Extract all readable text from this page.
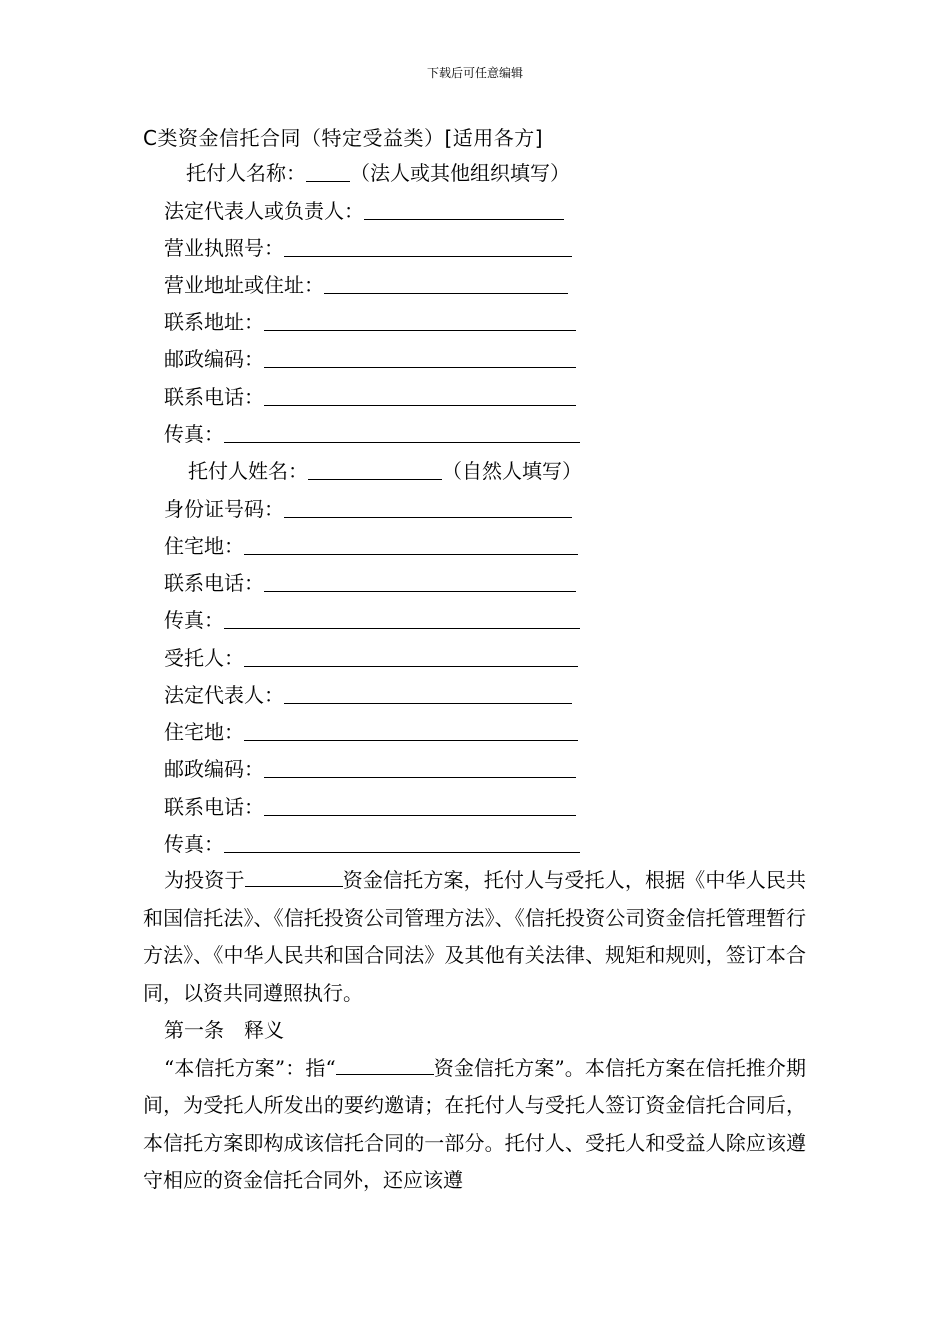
下载后可任意编辑
C类资金信托合同（特定受益类）[适用各方]
托付人名称： （法人或其他组织填写）
法定代表人或负责人：
营业执照号：
营业地址或住址：
联系地址：
邮政编码：
联系电话：
传真：
托付人姓名：	（自然人填写）
身份证号码：
住宅地：
联系电话：
传真：
受托人：
法定代表人：
住宅地：
邮政编码：
联系电话：
传真：

为投资于	资金信托方案，托付人与受托人，根据《中华人民共和国信托法》、《信托投资公司管理方法》、《信托投资公司资金信托管理暂行方法》、《中华人民共和国合同法》及其他有关法律、规矩和规则，签订本合同，以资共同遵照执行。

第一条　释义

“本信托方案”：指“	资金信托方案”。本信托方案在信托推介期间，为受托人所发出的要约邀请；在托付人与受托人签订资金信托合同后，本信托方案即构成该信托合同的一部分。托付人、受托人和受益人除应该遵守相应的资金信托合同外，还应该遵
